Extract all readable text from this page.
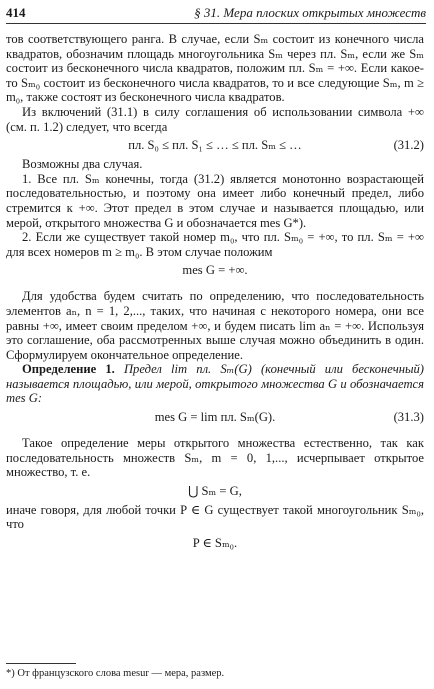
414	§ 31. Мера плоских открытых множеств

тов соответствующего ранга. В случае, если Sₘ состоит из конечного числа квадратов, обозначим площадь многоугольника Sₘ через пл. Sₘ, если же Sₘ состоит из бесконечного числа квадратов, положим пл. Sₘ = +∞. Если какое-то Sₘ₀ состоит из бесконечного числа квадратов, то и все следующие Sₘ, m ≥ m₀, также состоят из бесконечного числа квадратов.

Из включений (31.1) в силу соглашения об использовании символа +∞ (см. п. 1.2) следует, что всегда

пл. S₀ ≤ пл. S₁ ≤ … ≤ пл. Sₘ ≤ …	(31.2)

Возможны два случая.

1. Все пл. Sₘ конечны, тогда (31.2) является монотонно возрастающей последовательностью, и поэтому она имеет либо конечный предел, либо стремится к +∞. Этот предел в этом случае и называется площадью, или мерой, открытого множества G и обозначается mes G*).

2. Если же существует такой номер m₀, что пл. Sₘ₀ = +∞, то пл. Sₘ = +∞ для всех номеров m ≥ m₀. В этом случае положим

mes G = +∞.

Для удобства будем считать по определению, что последовательность элементов aₙ, n = 1, 2,..., таких, что начиная с некоторого номера, они все равны +∞, имеет своим пределом +∞, и будем писать lim aₙ = +∞. Используя это соглашение, оба рассмотренных выше случая можно объединить в один. Сформулируем окончательное определение.

Определение 1. Предел lim пл. Sₘ(G) (конечный или бесконечный) называется площадью, или мерой, открытого множества G и обозначается mes G:

mes G = lim пл. Sₘ(G).	(31.3)

Такое определение меры открытого множества естественно, так как последовательность множеств Sₘ, m = 0, 1,..., исчерпывает открытое множество, т. е.

⋃ Sₘ = G,

иначе говоря, для любой точки P ∈ G существует такой многоугольник Sₘ₀, что

P ∈ Sₘ₀.
*) От французского слова mesur — мера, размер.
